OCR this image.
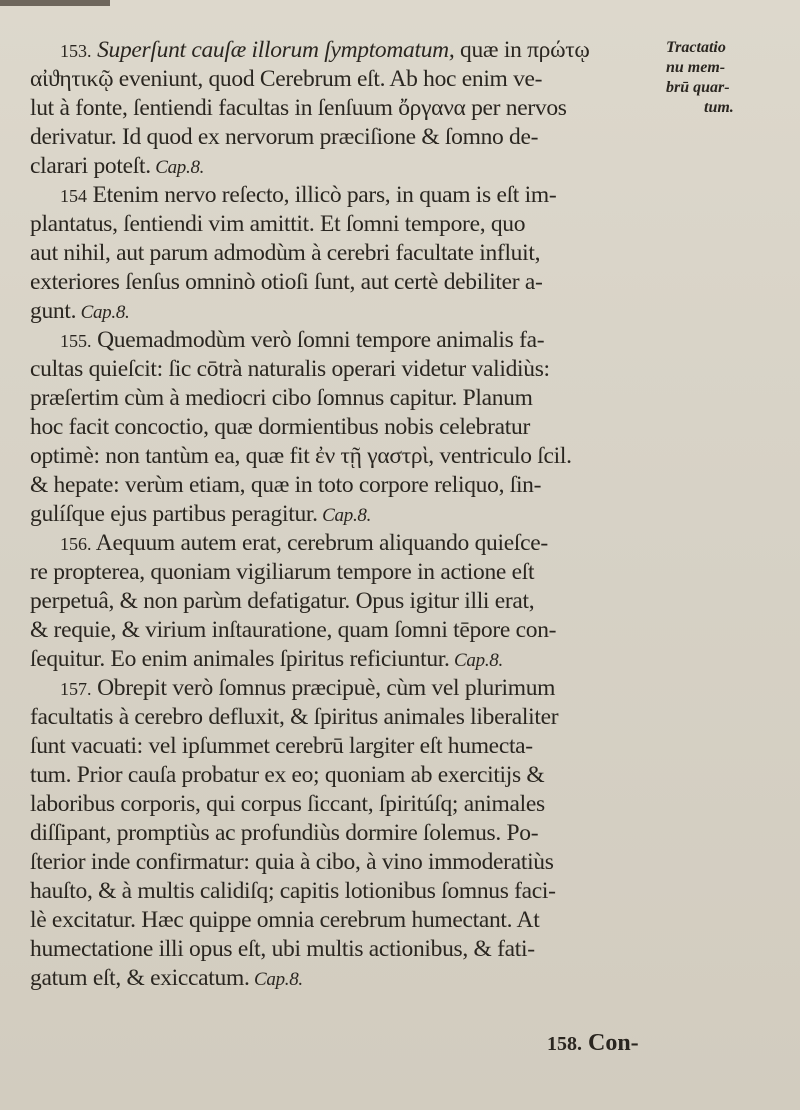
Tractatio
nu mem-
brū quar-
tum.
153. Superſunt cauſæ illorum ſymptomatum, quæ in πρώτῳ
αἰϑητικῷ eveniunt, quod Cerebrum eſt. Ab hoc enim ve-
lut à fonte, ſentiendi facultas in ſenſuum ὄργανα per nervos
derivatur. Id quod ex nervorum præciſione & ſomno de-
clarari poteſt. Cap.8.
154 Etenim nervo reſecto, illicò pars, in quam is eſt im-
plantatus, ſentiendi vim amittit. Et ſomni tempore, quo
aut nihil, aut parum admodùm à cerebri facultate influit,
exteriores ſenſus omninò otioſi ſunt, aut certè debiliter a-
gunt. Cap.8.
155. Quemadmodùm verò ſomni tempore animalis fa-
cultas quieſcit: ſic cōtrà naturalis operari videtur validiùs:
præſertim cùm à mediocri cibo ſomnus capitur. Planum
hoc facit concoctio, quæ dormientibus nobis celebratur
optimè: non tantùm ea, quæ fit ἐν τῇ γαστρὶ, ventriculo ſcil.
& hepate: verùm etiam, quæ in toto corpore reliquo, ſin-
gulíſque ejus partibus peragitur. Cap.8.
156. Aequum autem erat, cerebrum aliquando quieſce-
re propterea, quoniam vigiliarum tempore in actione eſt
perpetuâ, & non parùm defatigatur. Opus igitur illi erat,
& requie, & virium inſtauratione, quam ſomni tēpore con-
ſequitur. Eo enim animales ſpiritus reficiuntur. Cap.8.
157. Obrepit verò ſomnus præcipuè, cùm vel plurimum
facultatis à cerebro defluxit, & ſpiritus animales liberaliter
ſunt vacuati: vel ipſummet cerebrū largiter eſt humecta-
tum. Prior cauſa probatur ex eo; quoniam ab exercitijs &
laboribus corporis, qui corpus ſiccant, ſpiritúſq; animales
diſſipant, promptiùs ac profundiùs dormire ſolemus. Po-
ſterior inde confirmatur: quia à cibo, à vino immoderatiùs
hauſto, & à multis calidiſq; capitis lotionibus ſomnus faci-
lè excitatur. Hæc quippe omnia cerebrum humectant. At
humectatione illi opus eſt, ubi multis actionibus, & fati-
gatum eſt, & exiccatum. Cap.8.
158. Con-
